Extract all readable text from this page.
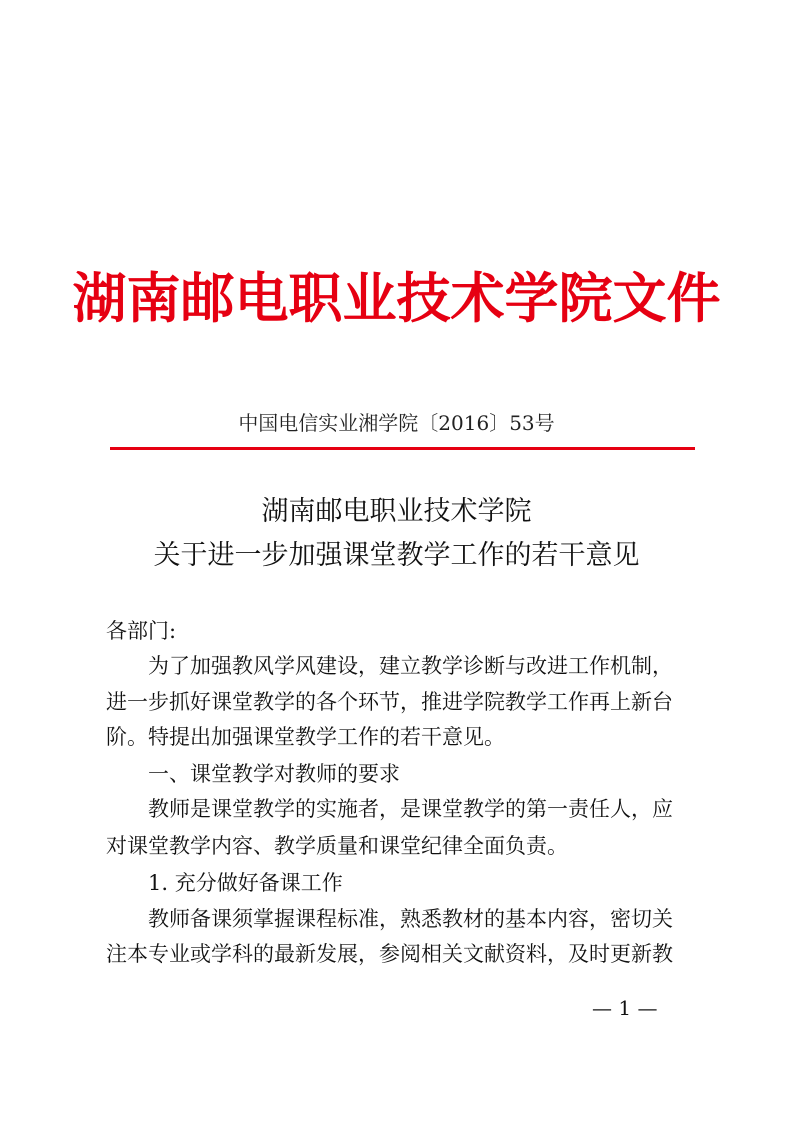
湖南邮电职业技术学院文件
中国电信实业湘学院〔2016〕53号
湖南邮电职业技术学院
关于进一步加强课堂教学工作的若干意见
各部门:
　　为了加强教风学风建设，建立教学诊断与改进工作机制，
进一步抓好课堂教学的各个环节，推进学院教学工作再上新台
阶。特提出加强课堂教学工作的若干意见。
　　一、课堂教学对教师的要求
　　教师是课堂教学的实施者，是课堂教学的第一责任人，应
对课堂教学内容、教学质量和课堂纪律全面负责。
　　1. 充分做好备课工作
　　教师备课须掌握课程标准，熟悉教材的基本内容，密切关
注本专业或学科的最新发展，参阅相关文献资料，及时更新教
— 1 —
